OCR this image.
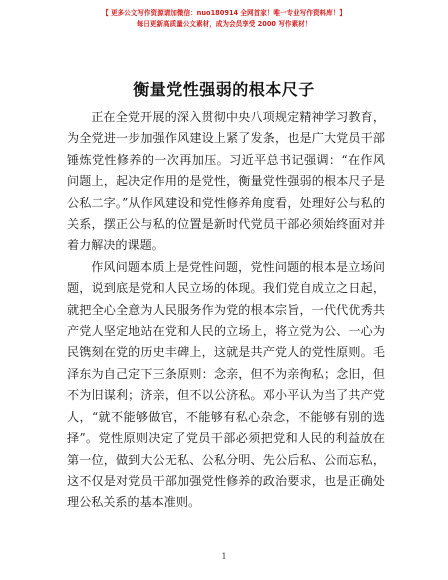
【 更多公文写作资源请加微信：nuo180914 全网首家！唯一专业写作资料库！】
每日更新高质量公文素材，成为会员享受 2000 写作素材！
衡量党性强弱的根本尺子

正在全党开展的深入贯彻中央八项规定精神学习教育，为全党进一步加强作风建设上紧了发条，也是广大党员干部锤炼党性修养的一次再加压。习近平总书记强调：“在作风问题上，起决定作用的是党性，衡量党性强弱的根本尺子是公私二字。”从作风建设和党性修养角度看，处理好公与私的关系，摆正公与私的位置是新时代党员干部必须始终面对并着力解决的课题。

作风问题本质上是党性问题，党性问题的根本是立场问题，说到底是党和人民立场的体现。我们党自成立之日起，就把全心全意为人民服务作为党的根本宗旨，一代代优秀共产党人坚定地站在党和人民的立场上，将立党为公、一心为民镌刻在党的历史丰碑上，这就是共产党人的党性原则。毛泽东为自己定下三条原则：念亲，但不为亲徇私；念旧，但不为旧谋利；济亲，但不以公济私。邓小平认为当了共产党人，“就不能够做官，不能够有私心杂念，不能够有别的选择”。党性原则决定了党员干部必须把党和人民的利益放在第一位，做到大公无私、公私分明、先公后私、公而忘私，这不仅是对党员干部加强党性修养的政治要求，也是正确处理公私关系的基本准则。

1
